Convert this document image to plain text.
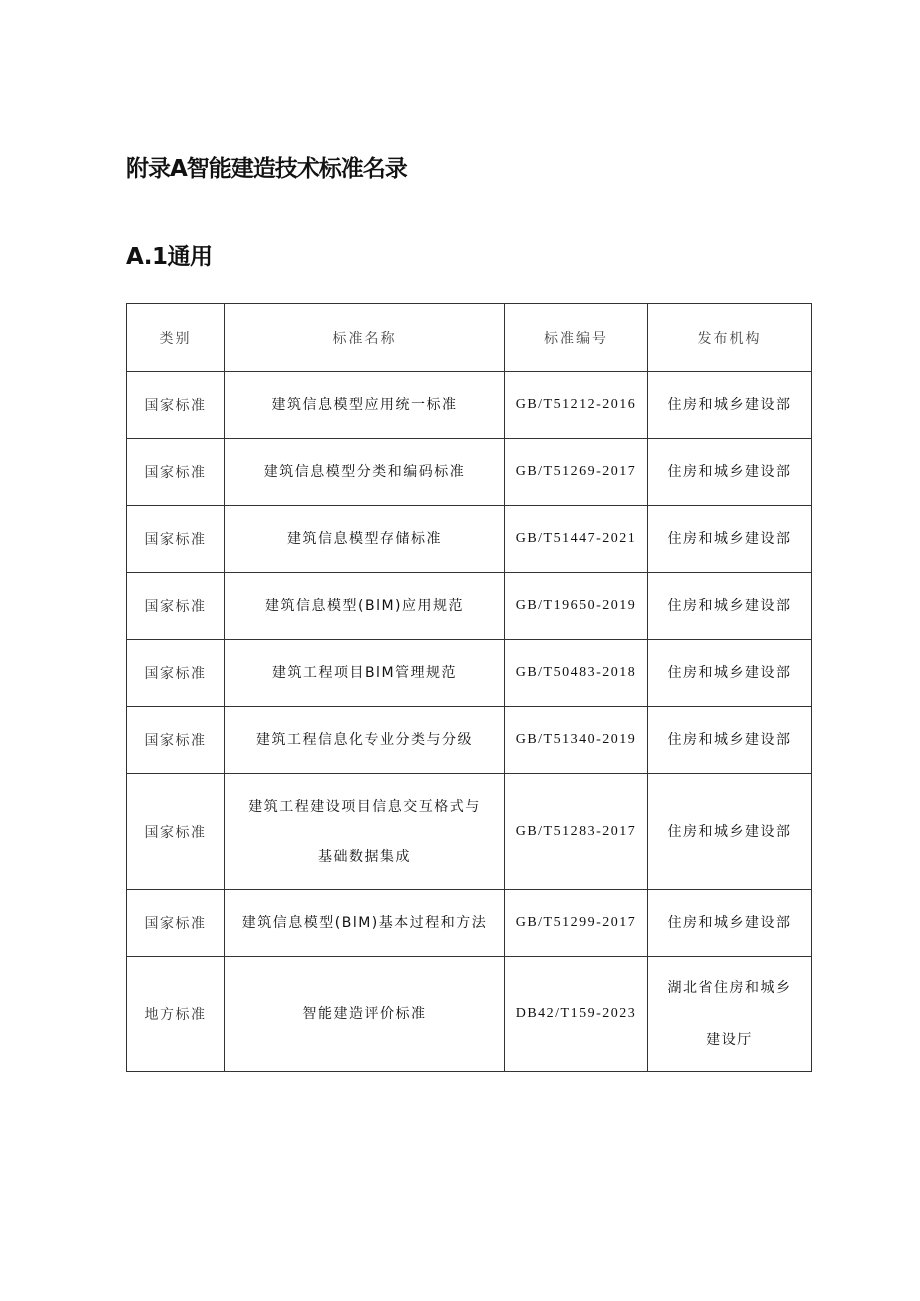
附录A智能建造技术标准名录
A.1通用
类别	标准名称	标准编号	发布机构
国家标准	建筑信息模型应用统一标准	GB/T51212-2016	住房和城乡建设部
国家标准	建筑信息模型分类和编码标准	GB/T51269-2017	住房和城乡建设部
国家标准	建筑信息模型存储标准	GB/T51447-2021	住房和城乡建设部
国家标准	建筑信息模型(BlM)应用规范	GB/T19650-2019	住房和城乡建设部
国家标准	建筑工程项目BlM管理规范	GB/T50483-2018	住房和城乡建设部
国家标准	建筑工程信息化专业分类与分级	GB/T51340-2019	住房和城乡建设部
国家标准	建筑工程建设项目信息交互格式与
基础数据集成	GB/T51283-2017	住房和城乡建设部
国家标准	建筑信息模型(BlM)基本过程和方法	GB/T51299-2017	住房和城乡建设部
地方标准	智能建造评价标准	DB42/T159-2023	湖北省住房和城乡
建设厅
